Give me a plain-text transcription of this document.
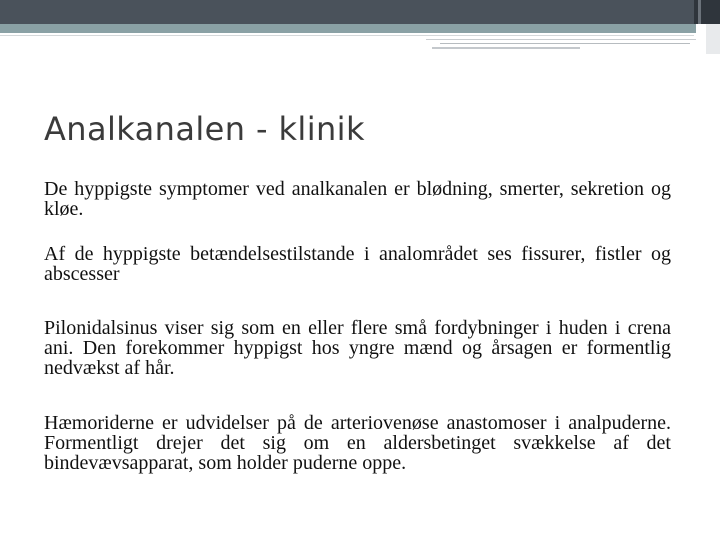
Analkanalen - klinik

De hyppigste symptomer ved analkanalen er blødning, smerter, sekretion og kløe.

Af de hyppigste betændelsestilstande i analområdet ses fissurer, fistler og abscesser

Pilonidalsinus viser sig som en eller flere små fordybninger i huden i crena ani. Den forekommer hyppigst hos yngre mænd og årsagen er formentlig nedvækst af hår.

Hæmoriderne er udvidelser på de arteriovenøse anastomoser i analpuderne. Formentligt drejer det sig om en aldersbetinget svækkelse af det bindevævsapparat, som holder puderne oppe.
